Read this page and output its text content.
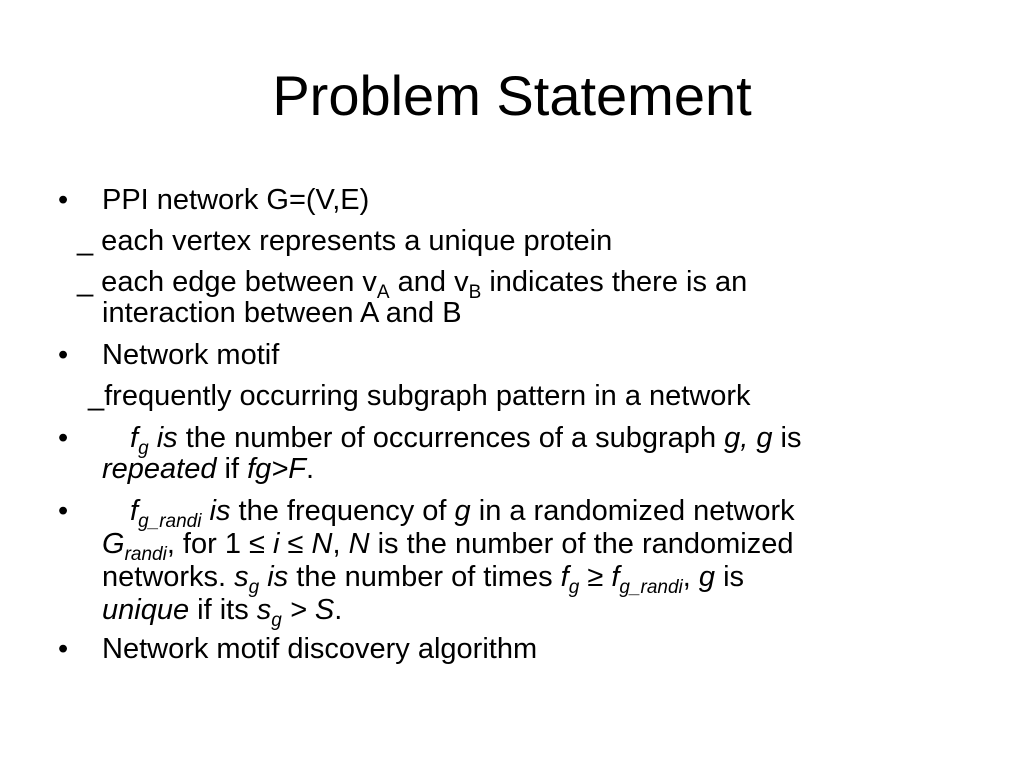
Problem Statement
• PPI network G=(V,E)
_ each vertex represents a unique protein
_ each edge between $v_A$ and $v_B$ indicates there is an
interaction between A and B
• Network motif
_frequently occurring subgraph pattern in a network
• $f_g$ is the number of occurrences of a subgraph g, g is
repeated if fg>F.
• $f_{g\_randi}$ is the frequency of g in a randomized network
$G_{randi}$, for 1 ≤ i ≤ N, N is the number of the randomized
networks. $s_g$ is the number of times $f_g \ge f_{g\_randi}$, g is
unique if its $s_g > S$.
• Network motif discovery algorithm
